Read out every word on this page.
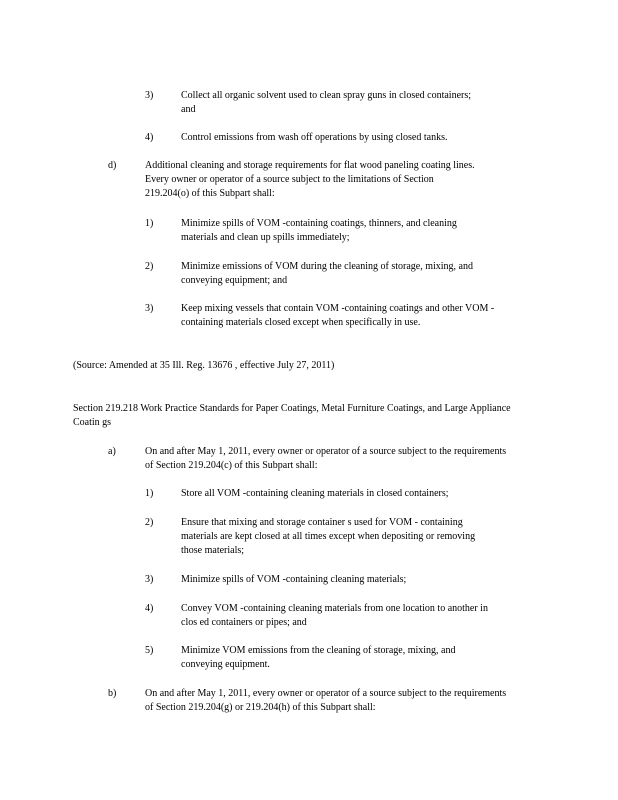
3)	Collect all organic solvent used to clean spray guns in closed containers; and

4)	Control emissions from wash off operations by using closed tanks.

d)	Additional cleaning and storage requirements for flat wood paneling coating lines. Every owner or operator of a source subject to the limitations of Section 219.204(o) of this Subpart shall:

1)	Minimize spills of VOM -containing coatings, thinners, and cleaning materials and clean up spills immediately;

2)	Minimize emissions of VOM during the cleaning of storage, mixing, and conveying equipment; and

3)	Keep mixing vessels that contain VOM -containing coatings and other VOM -containing materials closed except when specifically in use.

(Source: Amended at 35 Ill. Reg. 13676 , effective July 27, 2011)

Section 219.218 Work Practice Standards for Paper Coatings, Metal Furniture Coatings, and Large Appliance Coatin gs

a)	On and after May 1, 2011, every owner or operator of a source subject to the requirements of Section 219.204(c) of this Subpart shall:

1)	Store all VOM -containing cleaning materials in closed containers;

2)	Ensure that mixing and storage container s used for VOM - containing materials are kept closed at all times except when depositing or removing those materials;

3)	Minimize spills of VOM -containing cleaning materials;

4)	Convey VOM -containing cleaning materials from one location to another in clos ed containers or pipes; and

5)	Minimize VOM emissions from the cleaning of storage, mixing, and conveying equipment.

b)	On and after May 1, 2011, every owner or operator of a source subject to the requirements of Section 219.204(g) or 219.204(h) of this Subpart shall:
